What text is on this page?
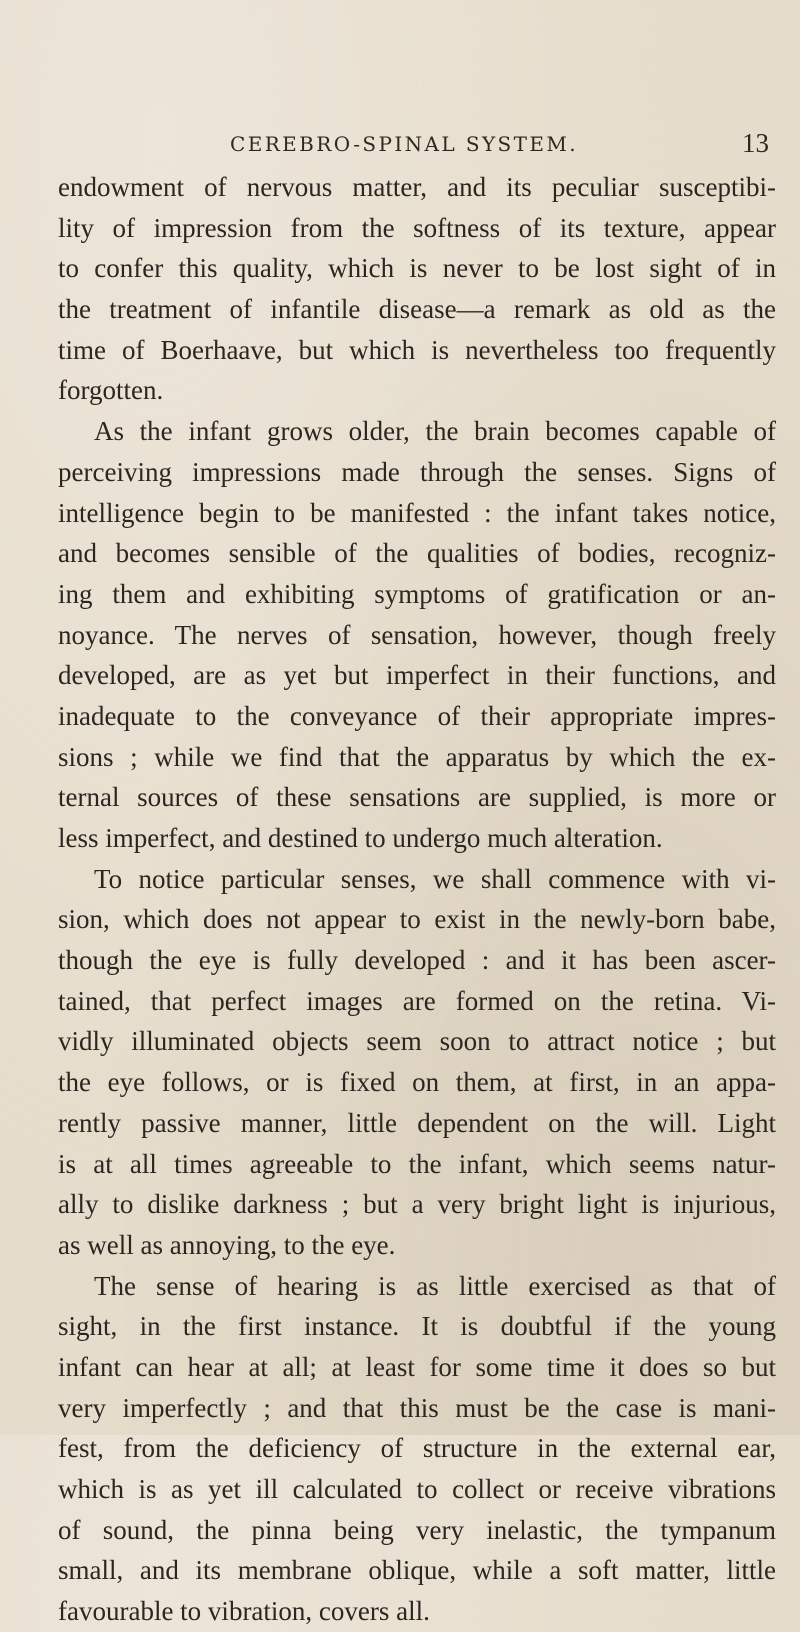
CEREBRO-SPINAL SYSTEM.	13
endowment of nervous matter, and its peculiar susceptibi-
lity of impression from the softness of its texture, appear
to confer this quality, which is never to be lost sight of in
the treatment of infantile disease—a remark as old as the
time of Boerhaave, but which is nevertheless too frequently
forgotten.
As the infant grows older, the brain becomes capable of
perceiving impressions made through the senses. Signs of
intelligence begin to be manifested : the infant takes notice,
and becomes sensible of the qualities of bodies, recogniz-
ing them and exhibiting symptoms of gratification or an-
noyance. The nerves of sensation, however, though freely
developed, are as yet but imperfect in their functions, and
inadequate to the conveyance of their appropriate impres-
sions ; while we find that the apparatus by which the ex-
ternal sources of these sensations are supplied, is more or
less imperfect, and destined to undergo much alteration.
To notice particular senses, we shall commence with vi-
sion, which does not appear to exist in the newly-born babe,
though the eye is fully developed : and it has been ascer-
tained, that perfect images are formed on the retina. Vi-
vidly illuminated objects seem soon to attract notice ; but
the eye follows, or is fixed on them, at first, in an appa-
rently passive manner, little dependent on the will. Light
is at all times agreeable to the infant, which seems natur-
ally to dislike darkness ; but a very bright light is injurious,
as well as annoying, to the eye.
The sense of hearing is as little exercised as that of
sight, in the first instance. It is doubtful if the young
infant can hear at all; at least for some time it does so but
very imperfectly ; and that this must be the case is mani-
fest, from the deficiency of structure in the external ear,
which is as yet ill calculated to collect or receive vibrations
of sound, the pinna being very inelastic, the tympanum
small, and its membrane oblique, while a soft matter, little
favourable to vibration, covers all.
